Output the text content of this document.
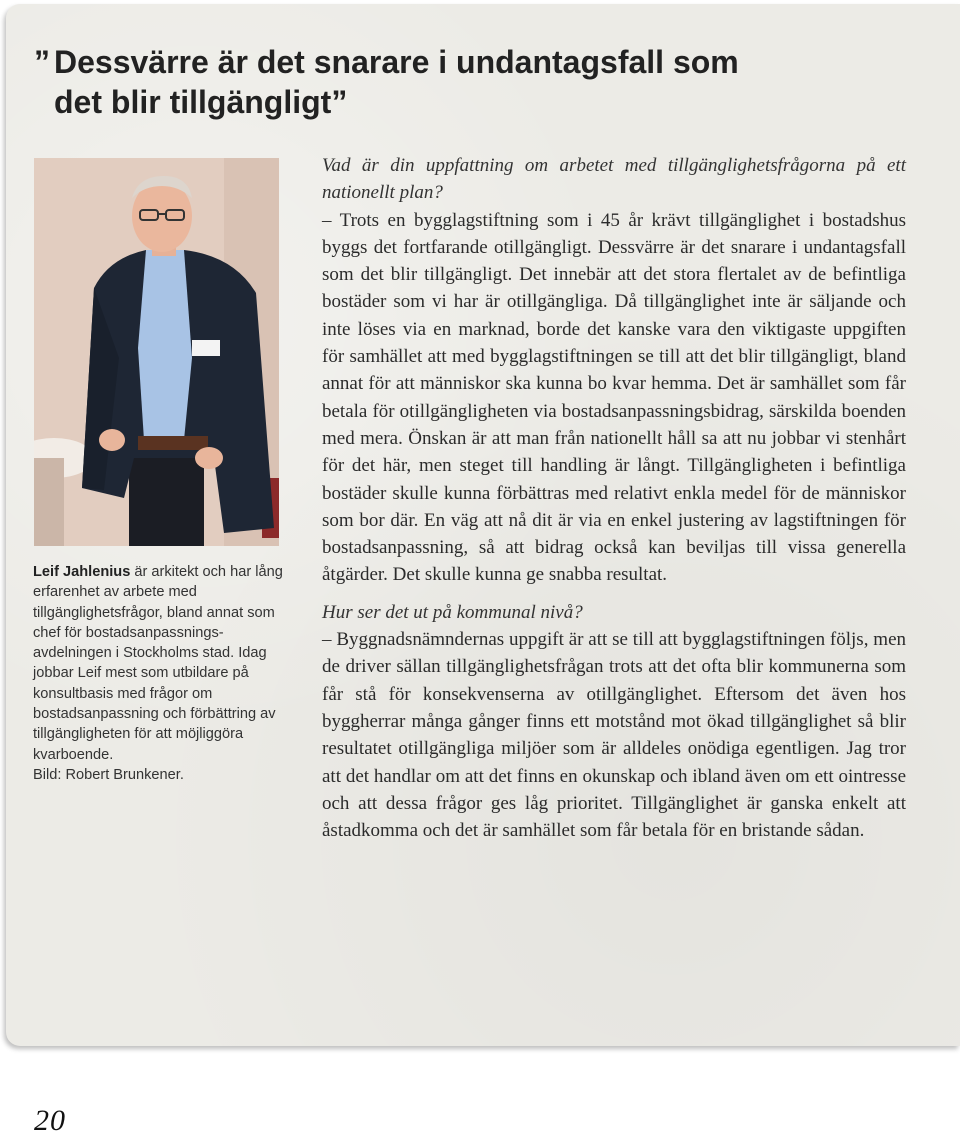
” Dessvärre är det snarare i undantagsfall som
det blir tillgängligt”

Leif Jahlenius är arkitekt och har lång erfarenhet av arbete med tillgänglighetsfrågor, bland annat som chef för bostadsanpassnings-avdelningen i Stockholms stad. Idag jobbar Leif mest som utbildare på konsultbasis med frågor om bostadsanpassning och förbättring av tillgängligheten för att möjliggöra kvarboende.
Bild: Robert Brunkener.

Vad är din uppfattning om arbetet med tillgänglighetsfrågorna på ett nationellt plan?

– Trots en bygglagstiftning som i 45 år krävt tillgänglighet i bostadshus byggs det fortfarande otillgängligt. Dessvärre är det snarare i undantagsfall som det blir tillgängligt. Det innebär att det stora flertalet av de befintliga bostäder som vi har är otillgängliga. Då tillgänglighet inte är säljande och inte löses via en marknad, borde det kanske vara den viktigaste uppgiften för samhället att med bygglagstiftningen se till att det blir tillgängligt, bland annat för att människor ska kunna bo kvar hemma. Det är samhället som får betala för otillgängligheten via bostadsanpassningsbidrag, särskilda boenden med mera. Önskan är att man från nationellt håll sa att nu jobbar vi stenhårt för det här, men steget till handling är långt. Tillgängligheten i befintliga bostäder skulle kunna förbättras med relativt enkla medel för de människor som bor där. En väg att nå dit är via en enkel justering av lagstiftningen för bostadsanpassning, så att bidrag också kan beviljas till vissa generella åtgärder. Det skulle kunna ge snabba resultat.

Hur ser det ut på kommunal nivå?

– Byggnadsnämndernas uppgift är att se till att bygglagstiftningen följs, men de driver sällan tillgänglighetsfrågan trots att det ofta blir kommunerna som får stå för konsekvenserna av otillgänglighet. Eftersom det även hos byggherrar många gånger finns ett motstånd mot ökad tillgänglighet så blir resultatet otillgängliga miljöer som är alldeles onödiga egentligen. Jag tror att det handlar om att det finns en okunskap och ibland även om ett ointresse och att dessa frågor ges låg prioritet. Tillgänglighet är ganska enkelt att åstadkomma och det är samhället som får betala för en bristande sådan.

20
